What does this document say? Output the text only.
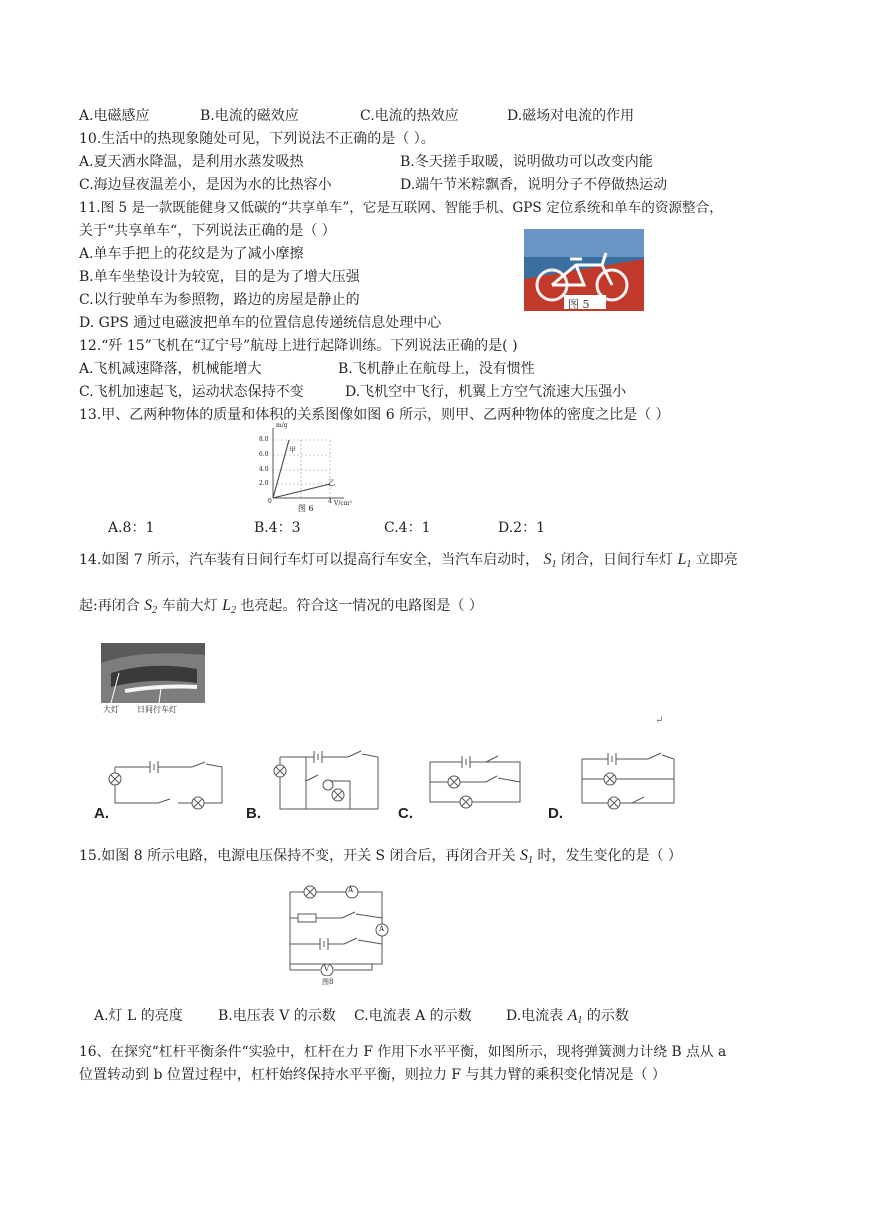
A.电磁感应	B.电流的磁效应	C.电流的热效应	D.磁场对电流的作用
10.生活中的热现象随处可见，下列说法不正确的是（ ）。
A.夏天洒水降温，是利用水蒸发吸热	B.冬天搓手取暖，说明做功可以改变内能
C.海边昼夜温差小，是因为水的比热容小	D.端午节米粽飘香，说明分子不停做热运动
11.图 5 是一款既能健身又低碳的“共享单车”，它是互联网、智能手机、GPS 定位系统和单车的资源整合，
关于“共享单车“，下列说法正确的是（ ）
A.单车手把上的花纹是为了减小摩擦
B.单车坐垫设计为较宽，目的是为了增大压强
C.以行驶单车为参照物，路边的房屋是静止的
D. GPS 通过电磁波把单车的位置信息传递统信息处理中心
图 5
12.“歼 15”飞机在“辽宁号”航母上进行起降训练。下列说法正确的是( )
A.飞机减速降落，机械能增大	B.飞机静止在航母上，没有惯性
C.飞机加速起飞，运动状态保持不变	D.飞机空中飞行，机翼上方空气流速大压强小
13.甲、乙两种物体的质量和体积的关系图像如图 6 所示，则甲、乙两种物体的密度之比是（ ）
m/g
8.0
6.0
4.0
2.0
0	4 V/cm³
甲
乙
图 6
A.8：1	B.4：3	C.4：1	D.2：1
14.如图 7 所示，汽车装有日间行车灯可以提高行车安全，当汽车启动时， $S_1$ 闭合，日间行车灯 $L_1$ 立即亮
起:再闭合 $S_2$ 车前大灯 $L_2$ 也亮起。符合这一情况的电路图是（ ）
大灯 日间行车灯
↵
A.	B.	C.	D.
15.如图 8 所示电路，电源电压保持不变，开关 S 闭合后，再闭合开关 $S_1$ 时，发生变化的是（ ）
A
A
V
图8
A.灯 L 的亮度	B.电压表 V 的示数 C.电流表 A 的示数 D.电流表 $A_1$ 的示数
16、在探究“杠杆平衡条件“实验中，杠杆在力 F 作用下水平平衡，如图所示，现将弹簧测力计绕 B 点从 a
位置转动到 b 位置过程中，杠杆始终保持水平平衡，则拉力 F 与其力臂的乘积变化情况是（ ）
